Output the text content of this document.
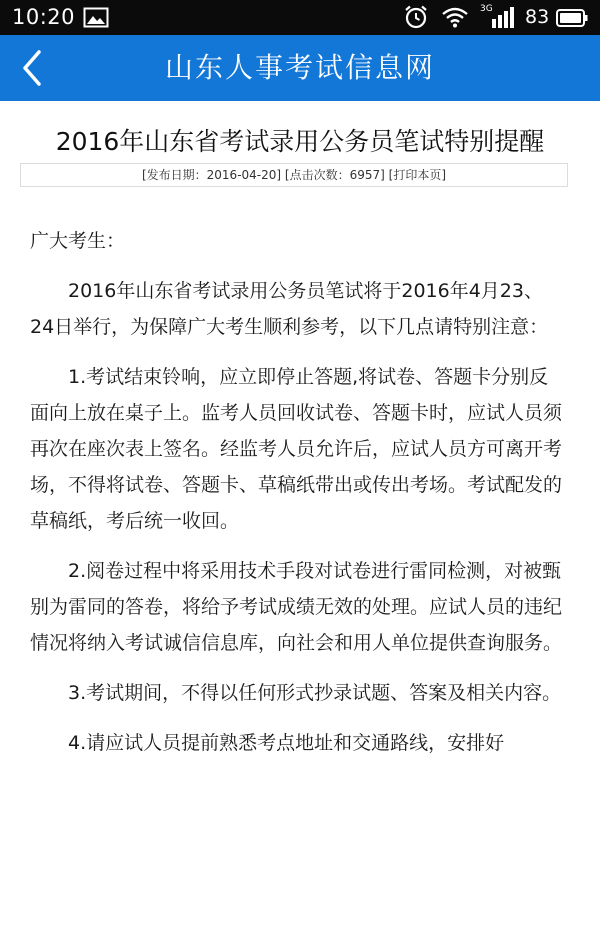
10:20	3G 83
山东人事考试信息网
2016年山东省考试录用公务员笔试特别提醒
[发布日期：2016-04-20] [点击次数：6957] [打印本页]

广大考生：

2016年山东省考试录用公务员笔试将于2016年4月23、24日举行，为保障广大考生顺利参考，以下几点请特别注意：

1.考试结束铃响，应立即停止答题,将试卷、答题卡分别反面向上放在桌子上。监考人员回收试卷、答题卡时，应试人员须再次在座次表上签名。经监考人员允许后，应试人员方可离开考场，不得将试卷、答题卡、草稿纸带出或传出考场。考试配发的草稿纸，考后统一收回。

2.阅卷过程中将采用技术手段对试卷进行雷同检测，对被甄别为雷同的答卷，将给予考试成绩无效的处理。应试人员的违纪情况将纳入考试诚信信息库，向社会和用人单位提供查询服务。

3.考试期间，不得以任何形式抄录试题、答案及相关内容。

4.请应试人员提前熟悉考点地址和交通路线，安排好
